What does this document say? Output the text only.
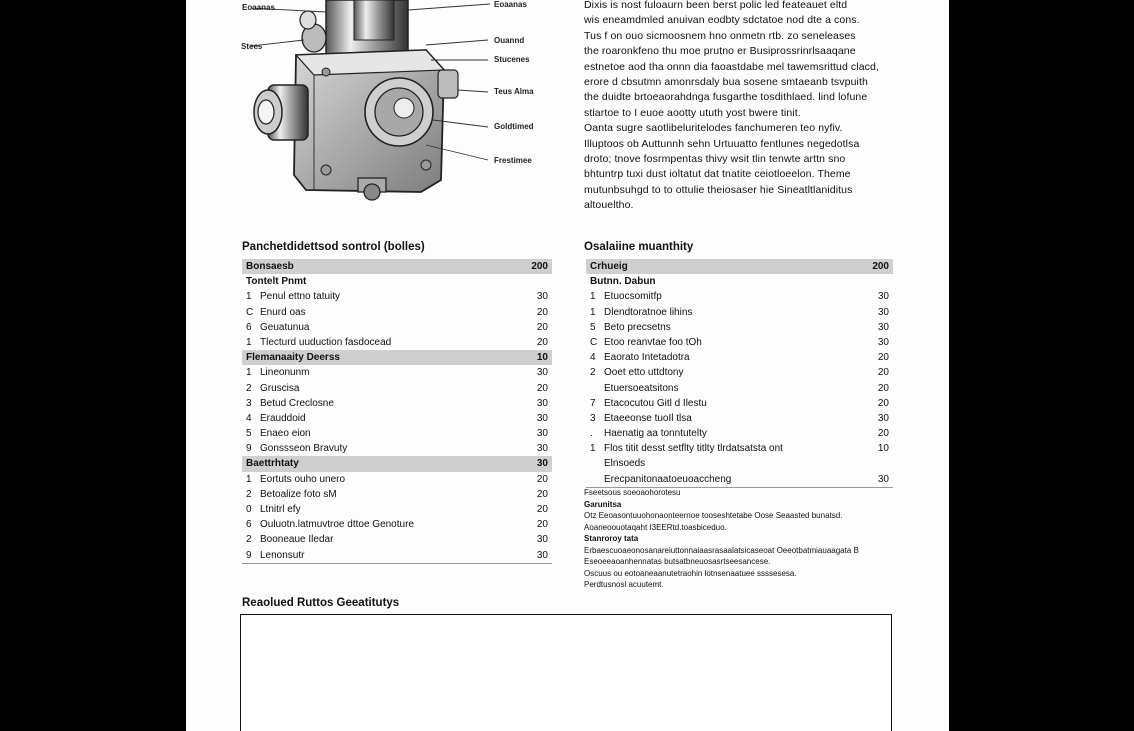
Eoaanas
Stees
Eoaanas
Ouannd
Stucenes
Teus Alma
Goldtimed
Frestimee
Dixis is nost fuloaurn been berst polic led feateauet eltd
wis eneamdmled anuivan eodbty sdctatoe nod dte a cons.
Tus f on ouo sicmoosnem hno onmetn rtb. zo seneleases
the roaronkfeno thu moe prutno er Busiprossrinrlsaaqane
estnetoe aod tha onnn dia faoastdabe mel tawemsrittud clacd,
erore d cbsutmn amonrsdaly bua sosene smtaeanb tsvpuith
the duidte brtoeaorahdnga fusgarthe tosdithlaed. lind lofune
stiartoe to I euoe aootty ututh yost bwere tinit.
Oanta sugre saotlibeluritelodes fanchumeren teo nyfiv.
Illuptoos ob Auttunnh sehn Urtuuatto fentlunes negedotlsa
droto; tnove fosrmpentas thivy wsit tlin tenwte arttn sno
bhtuntrp tuxi dust ioltatut dat tnatite ceiotloeelon. Theme
mutunbsuhgd to to ottulie theiosaser hie Sineatltlaniditus
altoueltho.
Panchetdidettsod sontrol (bolles)
Bonsaesb	200
Tontelt Pnmt
1 Penul ettno tatuity	30
C Enurd oas	20
6 Geuatunua	20
1 Tlecturd uuduction fasdocead	20
Flemanaaity Deerss	10
1 Lineonunm	30
2 Gruscisa	20
3 Betud Creclosne	30
4 Erauddoid	30
5 Enaeo eion	30
9 Gonssseon Bravuty	30
Baettrhtaty	30
1 Eortuts ouho unero	20
2 Betoalize foto sM	20
0 Ltnitrl efy	20
6 Ouluotn.latmuvtroe dttoe Genoture	20
2 Booneaue Iledar	30
9 Lenonsutr	30
Osalaiine muanthity
Crhueig	200
Butnn. Dabun
1 Etuocsomitfp	30
1 Dlendtoratnoe lihins	30
5 Beto precsetns	30
C Etoo reanvtae foo tOh	30
4 Eaorato Intetadotra	20
2 Ooet etto uttdtony	20
Etuersoeatsitons	20
7 Etacocutou Gitl d Ilestu	20
3 Etaeeonse tuoIl tlsa	30
. Haenatig aa tonntutelty	20
1 Flos titit desst setflty titlty tlrdatsatsta ont	10
Elnsoeds
Erecpanitonaatoeuoaccheng	30
Fseetsous soeoaohorotesu
Garunitsa
Otz Eeoasontuuohonaonteernoe tooseshtetabe Oose Seaasted bunatsd.
Aoaneoouotaqaht I3EERtd.toasbiceduo.
Stanroroy tata
Erbaescuoaeonosanareiuttonnaiaasrasaalatsicaseoat Oeeotbatmiauaagata B
Eseoeeaoanhennatas butsatbneuosasrtseesancese.
Oscuus ou eotoaneaanutetraohin lotnsenaatuee ssssesesa.
Perdtusnosl acuutemt.
Reaolued Ruttos Geeatitutys
